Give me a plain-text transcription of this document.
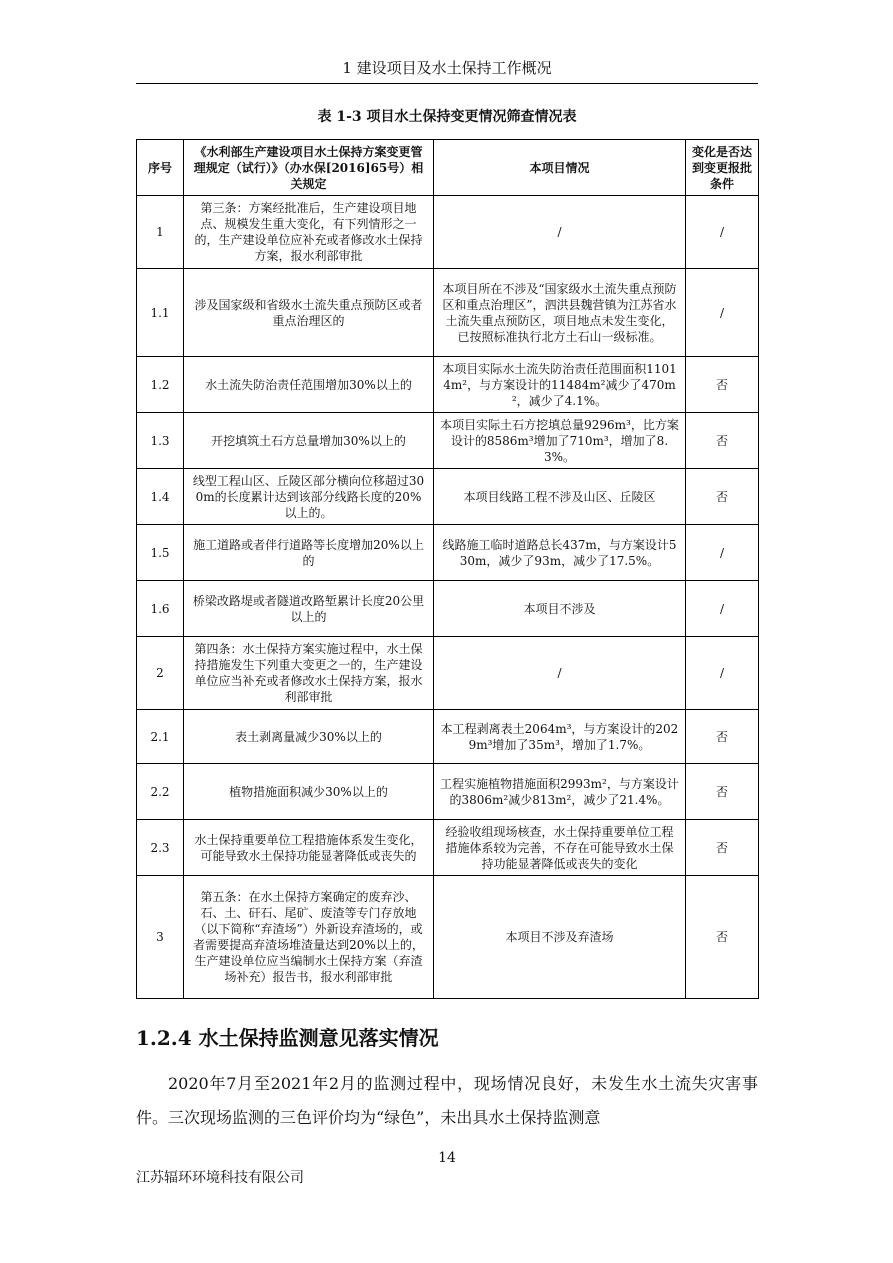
1 建设项目及水土保持工作概况
表 1-3 项目水土保持变更情况筛查情况表
序号	《水利部生产建设项目水土保持方案变更管理规定（试行）》（办水保[2016]65号）相关规定	本项目情况	变化是否达到变更报批条件
1	第三条：方案经批准后，生产建设项目地点、规模发生重大变化，有下列情形之一的，生产建设单位应补充或者修改水土保持方案，报水利部审批	/	/
1.1	涉及国家级和省级水土流失重点预防区或者重点治理区的	本项目所在不涉及“国家级水土流失重点预防区和重点治理区”，泗洪县魏营镇为江苏省水土流失重点预防区，项目地点未发生变化，已按照标准执行北方土石山一级标准。	/
1.2	水土流失防治责任范围增加30%以上的	本项目实际水土流失防治责任范围面积11014m²，与方案设计的11484m²减少了470m²，减少了4.1%。	否
1.3	开挖填筑土石方总量增加30%以上的	本项目实际土石方挖填总量9296m³，比方案设计的8586m³增加了710m³，增加了8.3%。	否
1.4	线型工程山区、丘陵区部分横向位移超过300m的长度累计达到该部分线路长度的20%以上的。	本项目线路工程不涉及山区、丘陵区	否
1.5	施工道路或者伴行道路等长度增加20%以上的	线路施工临时道路总长437m，与方案设计530m，减少了93m，减少了17.5%。	/
1.6	桥梁改路堤或者隧道改路堑累计长度20公里以上的	本项目不涉及	/
2	第四条：水土保持方案实施过程中，水土保持措施发生下列重大变更之一的，生产建设单位应当补充或者修改水土保持方案，报水利部审批	/	/
2.1	表土剥离量减少30%以上的	本工程剥离表土2064m³，与方案设计的2029m³增加了35m³，增加了1.7%。	否
2.2	植物措施面积减少30%以上的	工程实施植物措施面积2993m²，与方案设计的3806m²减少813m²，减少了21.4%。	否
2.3	水土保持重要单位工程措施体系发生变化，可能导致水土保持功能显著降低或丧失的	经验收组现场核查，水土保持重要单位工程措施体系较为完善，不存在可能导致水土保持功能显著降低或丧失的变化	否
3	第五条：在水土保持方案确定的废弃沙、石、土、矸石、尾矿、废渣等专门存放地（以下简称“弃渣场”）外新设弃渣场的，或者需要提高弃渣场堆渣量达到20%以上的，生产建设单位应当编制水土保持方案（弃渣场补充）报告书，报水利部审批	本项目不涉及弃渣场	否
1.2.4 水土保持监测意见落实情况
2020年7月至2021年2月的监测过程中，现场情况良好，未发生水土流失灾害事件。三次现场监测的三色评价均为“绿色”，未出具水土保持监测意
14
江苏辐环环境科技有限公司
